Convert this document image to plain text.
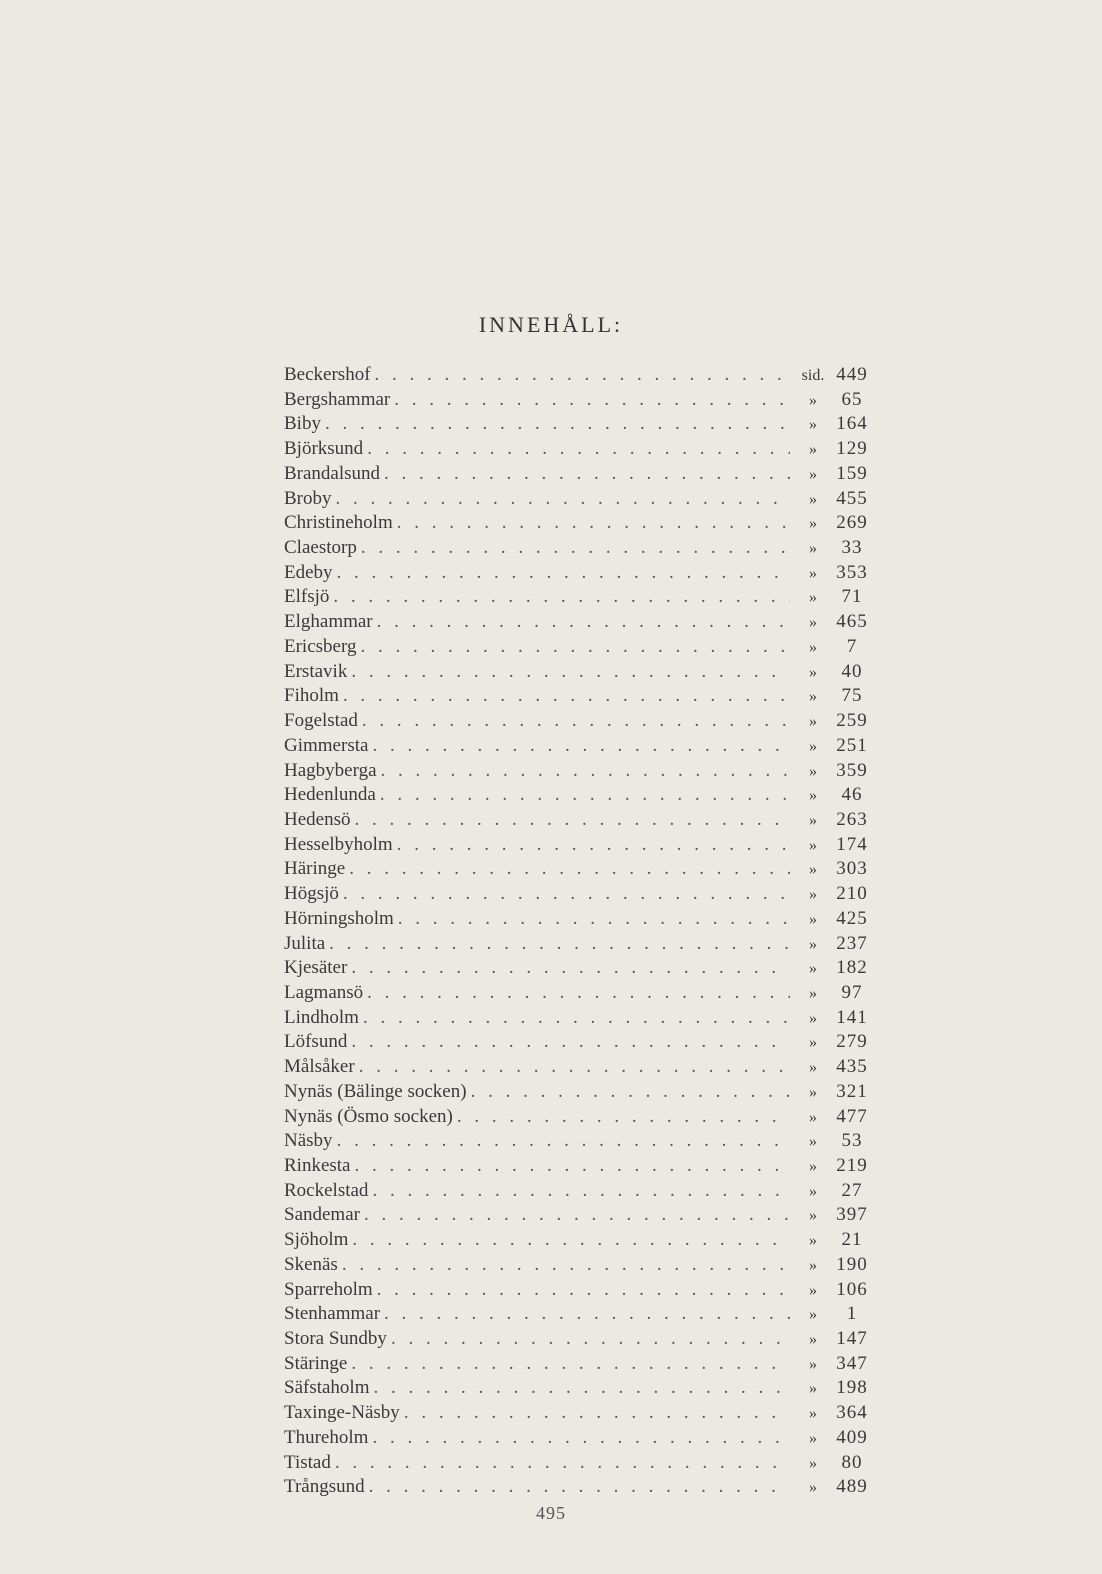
INNEHÅLL:
Beckershof . . .	sid. 449
Bergshammar . . .	»	65
Biby . . .	»	164
Björksund . . .	»	129
Brandalsund . . .	»	159
Broby . . .	»	455
Christineholm . . .	»	269
Claestorp . . .	»	33
Edeby . . .	»	353
Elfsjö . . .	»	71
Elghammar . . .	»	465
Ericsberg . . .	»	7
Erstavik . . .	»	40
Fiholm . . .	»	75
Fogelstad . . .	»	259
Gimmersta . . .	»	251
Hagbyberga . . .	»	359
Hedenlunda . . .	»	46
Hedensö . . .	»	263
Hesselbyholm . . .	»	174
Häringe . . .	»	303
Högsjö . . .	»	210
Hörningsholm . . .	»	425
Julita . . .	»	237
Kjesäter . . .	»	182
Lagmansö . . .	»	97
Lindholm . . .	»	141
Löfsund . . .	»	279
Målsåker . . .	»	435
Nynäs (Bälinge socken) . . .	»	321
Nynäs (Ösmo socken) . . .	»	477
Näsby . . .	»	53
Rinkesta . . .	»	219
Rockelstad . . .	»	27
Sandemar . . .	»	397
Sjöholm . . .	»	21
Skenäs . . .	»	190
Sparreholm . . .	»	106
Stenhammar . . .	»	1
Stora Sundby . . .	»	147
Stäringe . . .	»	347
Säfstaholm . . .	»	198
Taxinge-Näsby . . .	»	364
Thureholm . . .	»	409
Tistad . . .	»	80
Trångsund . . .	»	489
495
